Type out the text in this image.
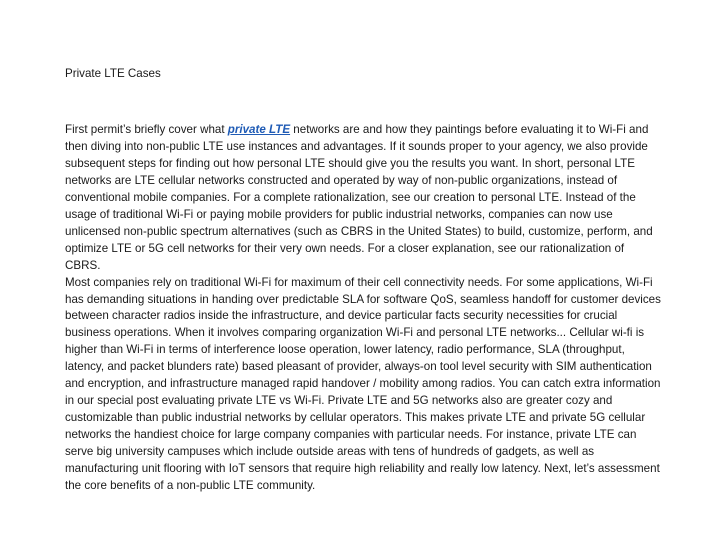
Private LTE Cases

First permit’s briefly cover what private LTE networks are and how they paintings before evaluating it to Wi-Fi and then diving into non-public LTE use instances and advantages. If it sounds proper to your agency, we also provide subsequent steps for finding out how personal LTE should give you the results you want. In short, personal LTE networks are LTE cellular networks constructed and operated by way of non-public organizations, instead of conventional mobile companies. For a complete rationalization, see our creation to personal LTE. Instead of the usage of traditional Wi-Fi or paying mobile providers for public industrial networks, companies can now use unlicensed non-public spectrum alternatives (such as CBRS in the United States) to build, customize, perform, and optimize LTE or 5G cell networks for their very own needs. For a closer explanation, see our rationalization of CBRS.

Most companies rely on traditional Wi-Fi for maximum of their cell connectivity needs. For some applications, Wi-Fi has demanding situations in handing over predictable SLA for software QoS, seamless handoff for customer devices between character radios inside the infrastructure, and device particular facts security necessities for crucial business operations. When it involves comparing organization Wi-Fi and personal LTE networks... Cellular wi-fi is higher than Wi-Fi in terms of interference loose operation, lower latency, radio performance, SLA (throughput, latency, and packet blunders rate) based pleasant of provider, always-on tool level security with SIM authentication and encryption, and infrastructure managed rapid handover / mobility among radios. You can catch extra information in our special post evaluating private LTE vs Wi-Fi. Private LTE and 5G networks also are greater cozy and customizable than public industrial networks by cellular operators. This makes private LTE and private 5G cellular networks the handiest choice for large company companies with particular needs. For instance, private LTE can serve big university campuses which include outside areas with tens of hundreds of gadgets, as well as manufacturing unit flooring with IoT sensors that require high reliability and really low latency. Next, let’s assessment the core benefits of a non-public LTE community.
